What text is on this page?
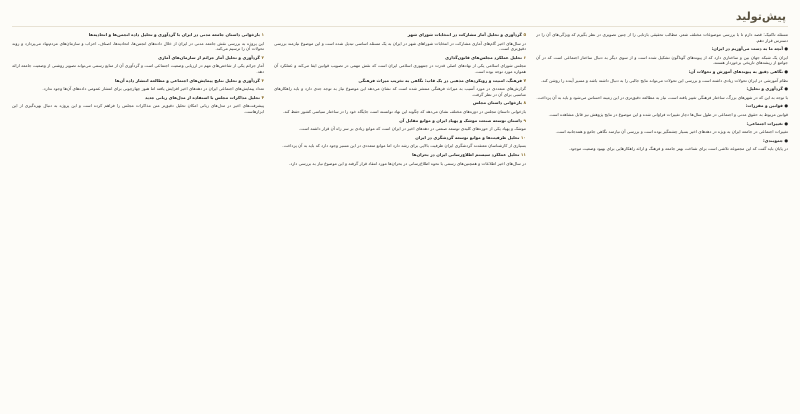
پیش‌تولید

مسئله تاکتیک: قصد دارم تا با بررسی موضوعات مختلف شعر، مطالب تحقیقی بازتابی را از چنین تصویری در نظر بگیرم که ویژگی‌های آن را در دسترس قرار دهم.

● آنچه ما به دست می‌آوریم در ایران:

ایران یک شبکه جهان بین و ساختاری دارد که از پیوندهای گوناگون تشکیل شده است و از سوی دیگر به دنبال ساختار اجتماعی است که در آن جوامع از ریشه‌های تاریخی برخوردار هستند.

● نگاهی دقیق به پیوندهای آموزش و تحولات آن:

نظام آموزشی در ایران تحولات زیادی داشته است و بررسی این تحولات می‌تواند نتایج جالبی را به دنبال داشته باشد و مسیر آینده را روشن کند.

● گردآوری و تحلیل:

با توجه به این که در شهرهای بزرگ، ساختار فرهنگی تغییر یافته است، نیاز به مطالعه دقیق‌تری در این زمینه احساس می‌شود و باید به آن پرداخت.

● قوانین و مقررات:

قوانین مربوط به حقوق مدنی و اجتماعی در طول سال‌ها دچار تغییرات فراوانی شده و این موضوع در نتایج پژوهش نیز قابل مشاهده است.

● تغییرات اجتماعی:

تغییرات اجتماعی در جامعه ایران به ویژه در دهه‌های اخیر بسیار چشمگیر بوده است و بررسی آن نیازمند نگاهی جامع و همه‌جانبه است.

● جمع‌بندی:

در پایان باید گفت که این مجموعه تلاشی است برای شناخت بهتر جامعه و فرهنگ و ارائه راهکارهایی برای بهبود وضعیت موجود.

۵ گردآوری و تحلیل آمار مشارکت در انتخابات شورای شهر

در سال‌های اخیر گام‌های آماری مشارکت در انتخابات شوراهای شهر در ایران به یک مسئله اساسی تبدیل شده است و این موضوع نیازمند بررسی دقیق‌تری است.

۶ تحلیل عملکرد مجلس‌های قانون‌گذاری

مجلس شورای اسلامی یکی از نهادهای اصلی قدرت در جمهوری اسلامی ایران است که نقش مهمی در تصویب قوانین ایفا می‌کند و عملکرد آن همواره مورد توجه بوده است.

۷ فرهنگ، امنیت و رویکردهای مذهبی در یک قاب: نگاهی به تخریب میراث فرهنگی

گزارش‌های متعددی در مورد آسیب به میراث فرهنگی منتشر شده است که نشان می‌دهد این موضوع نیاز به توجه جدی دارد و باید راهکارهای مناسبی برای آن در نظر گرفت.

۸ بازخوانی داستان مجلس

بازخوانی داستان مجلس در دوره‌های مختلف نشان می‌دهد که چگونه این نهاد توانسته است جایگاه خود را در ساختار سیاسی کشور حفظ کند.

۹ داستان توسعه صنعت موشک و پهپاد ایران و موانع مقابل آن

موشک و پهپاد یکی از حوزه‌های کلیدی توسعه صنعتی در دهه‌های اخیر در ایران است که موانع زیادی بر سر راه آن قرار داشته است.

۱۰ تحلیل ظرفیت‌ها و موانع توسعه گردشگری در ایران

بسیاری از کارشناسان معتقدند گردشگری ایران ظرفیت بالایی برای رشد دارد اما موانع متعددی در این مسیر وجود دارد که باید به آن پرداخت.

۱۱ تحلیل عملکرد سیستم اطلاع‌رسانی ایران در بحران‌ها

در سال‌های اخیر اطلاعات و همچنین‌های رسمی با نحوه اطلاع‌رسانی در بحران‌ها مورد انتقاد قرار گرفته و این موضوع نیاز به بررسی دارد.

۱ بازخوانی داستان جامعه مدنی در ایران با گردآوری و تحلیل داده انجمن‌ها و اتحادیه‌ها

این پروژه به بررسی نقش جامعه مدنی در ایران از خلال داده‌های انجمن‌ها، اتحادیه‌ها، اصناف، احزاب و سازمان‌های مردم‌نهاد می‌پردازد و روند تحولات آن را ترسیم می‌کند.

۲ گردآوری و تحلیل آمار جرائم از سازمان‌های آماری

آمار جرائم یکی از شاخص‌های مهم در ارزیابی وضعیت اجتماعی است و گردآوری آن از منابع رسمی می‌تواند تصویر روشنی از وضعیت جامعه ارائه دهد.

۳ گردآوری و تحلیل نتایج پیمایش‌های اجتماعی و مطالعه انتشار داده آن‌ها

تعداد پیمایش‌های اجتماعی ایران در دهه‌های اخیر افزایش یافته اما هنوز چهارچوبی برای انتشار عمومی داده‌های آن‌ها وجود ندارد.

۴ تحلیل مذاکرات مجلس با استفاده از مدل‌های زبانی جدید

پیشرفت‌های اخیر در مدل‌های زبانی امکان تحلیل دقیق‌تر متن مذاکرات مجلس را فراهم کرده است و این پروژه به دنبال بهره‌گیری از این ابزارهاست.
